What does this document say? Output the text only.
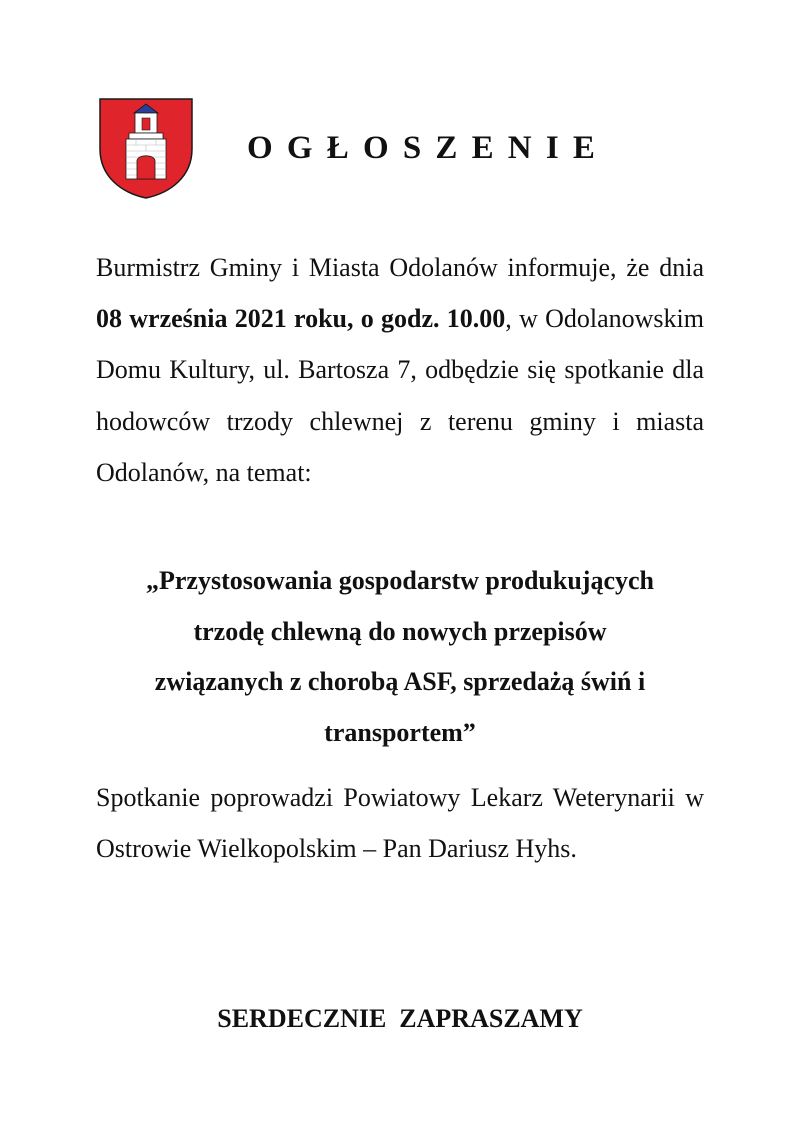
OGŁOSZENIE
Burmistrz Gminy i Miasta Odolanów informuje, że dnia 08 września 2021 roku, o godz. 10.00, w Odolanowskim Domu Kultury, ul. Bartosza 7, odbędzie się spotkanie dla hodowców trzody chlewnej z terenu gminy i miasta Odolanów, na temat:
„Przystosowania gospodarstw produkujących
trzodę chlewną do nowych przepisów
związanych z chorobą ASF, sprzedażą świń i
transportem”
Spotkanie poprowadzi Powiatowy Lekarz Weterynarii w Ostrowie Wielkopolskim – Pan Dariusz Hyhs.
SERDECZNIE  ZAPRASZAMY
